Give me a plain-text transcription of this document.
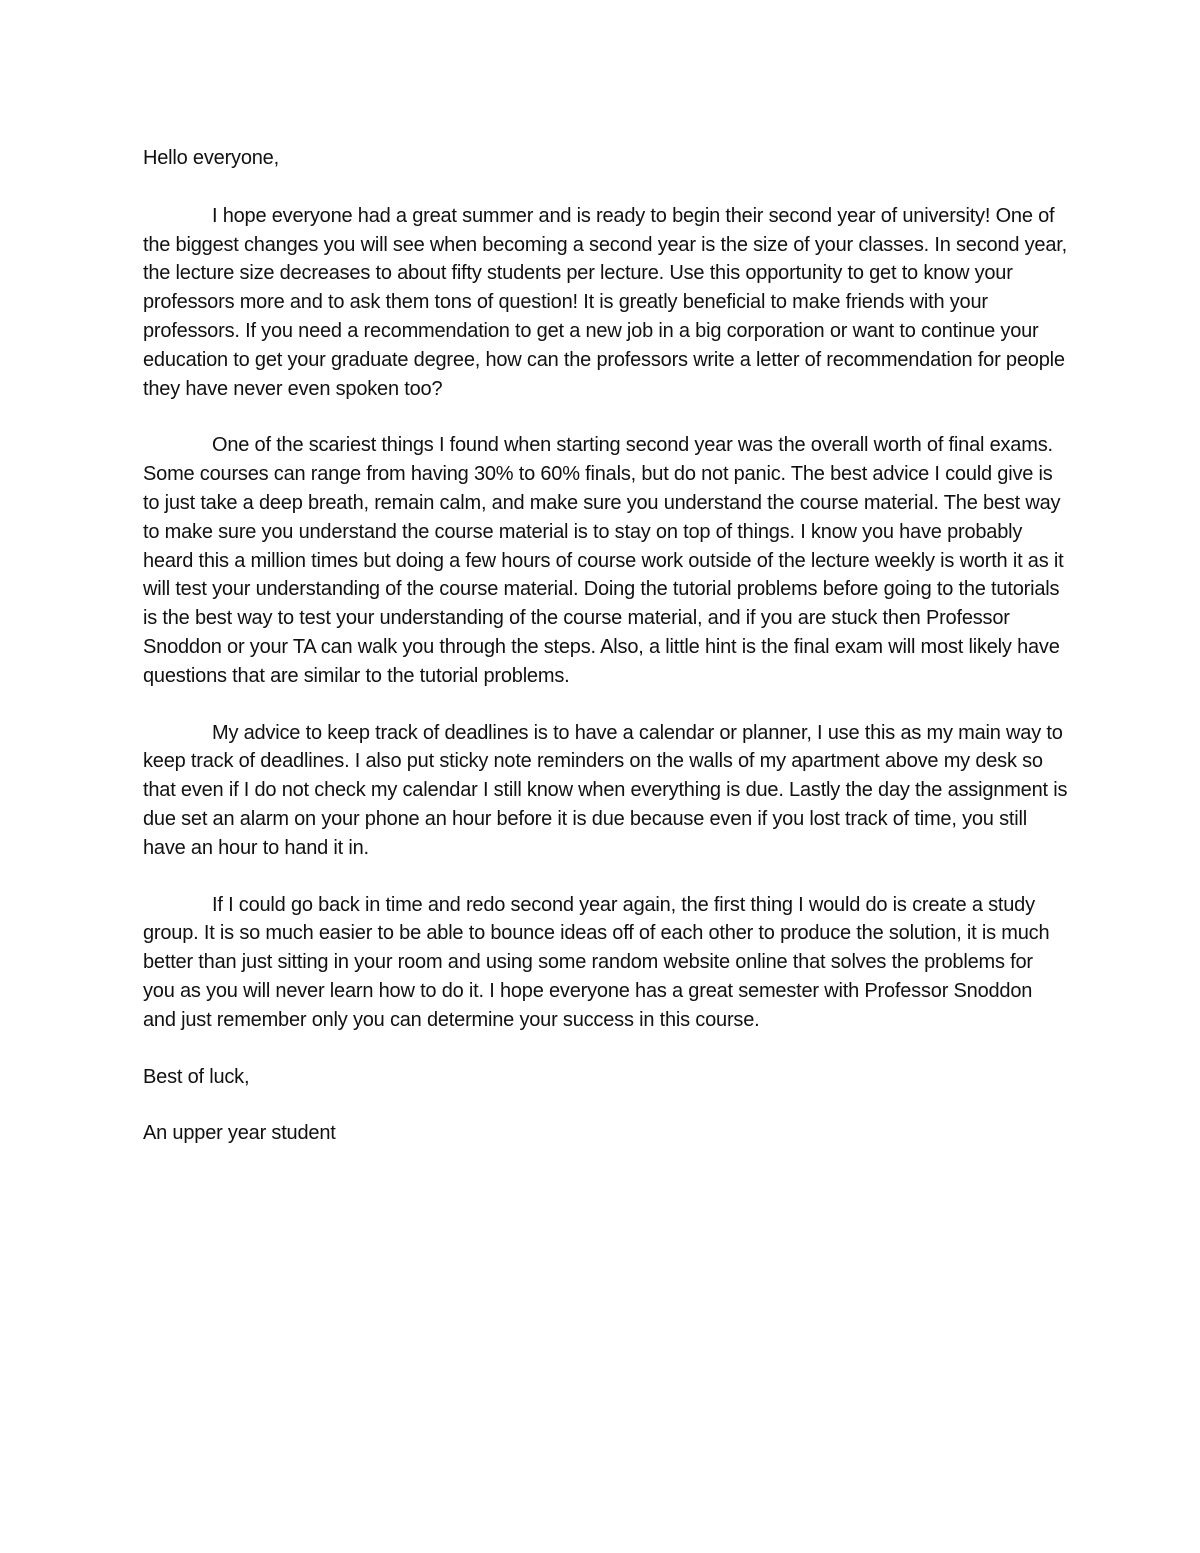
Hello everyone,

I hope everyone had a great summer and is ready to begin their second year of university! One of the biggest changes you will see when becoming a second year is the size of your classes. In second year, the lecture size decreases to about fifty students per lecture. Use this opportunity to get to know your professors more and to ask them tons of question! It is greatly beneficial to make friends with your professors. If you need a recommendation to get a new job in a big corporation or want to continue your education to get your graduate degree, how can the professors write a letter of recommendation for people they have never even spoken too?

One of the scariest things I found when starting second year was the overall worth of final exams. Some courses can range from having 30% to 60% finals, but do not panic. The best advice I could give is to just take a deep breath, remain calm, and make sure you understand the course material. The best way to make sure you understand the course material is to stay on top of things. I know you have probably heard this a million times but doing a few hours of course work outside of the lecture weekly is worth it as it will test your understanding of the course material. Doing the tutorial problems before going to the tutorials is the best way to test your understanding of the course material, and if you are stuck then Professor Snoddon or your TA can walk you through the steps. Also, a little hint is the final exam will most likely have questions that are similar to the tutorial problems.

My advice to keep track of deadlines is to have a calendar or planner, I use this as my main way to keep track of deadlines. I also put sticky note reminders on the walls of my apartment above my desk so that even if I do not check my calendar I still know when everything is due. Lastly the day the assignment is due set an alarm on your phone an hour before it is due because even if you lost track of time, you still have an hour to hand it in.

If I could go back in time and redo second year again, the first thing I would do is create a study group. It is so much easier to be able to bounce ideas off of each other to produce the solution, it is much better than just sitting in your room and using some random website online that solves the problems for you as you will never learn how to do it. I hope everyone has a great semester with Professor Snoddon and just remember only you can determine your success in this course.

Best of luck,

An upper year student
